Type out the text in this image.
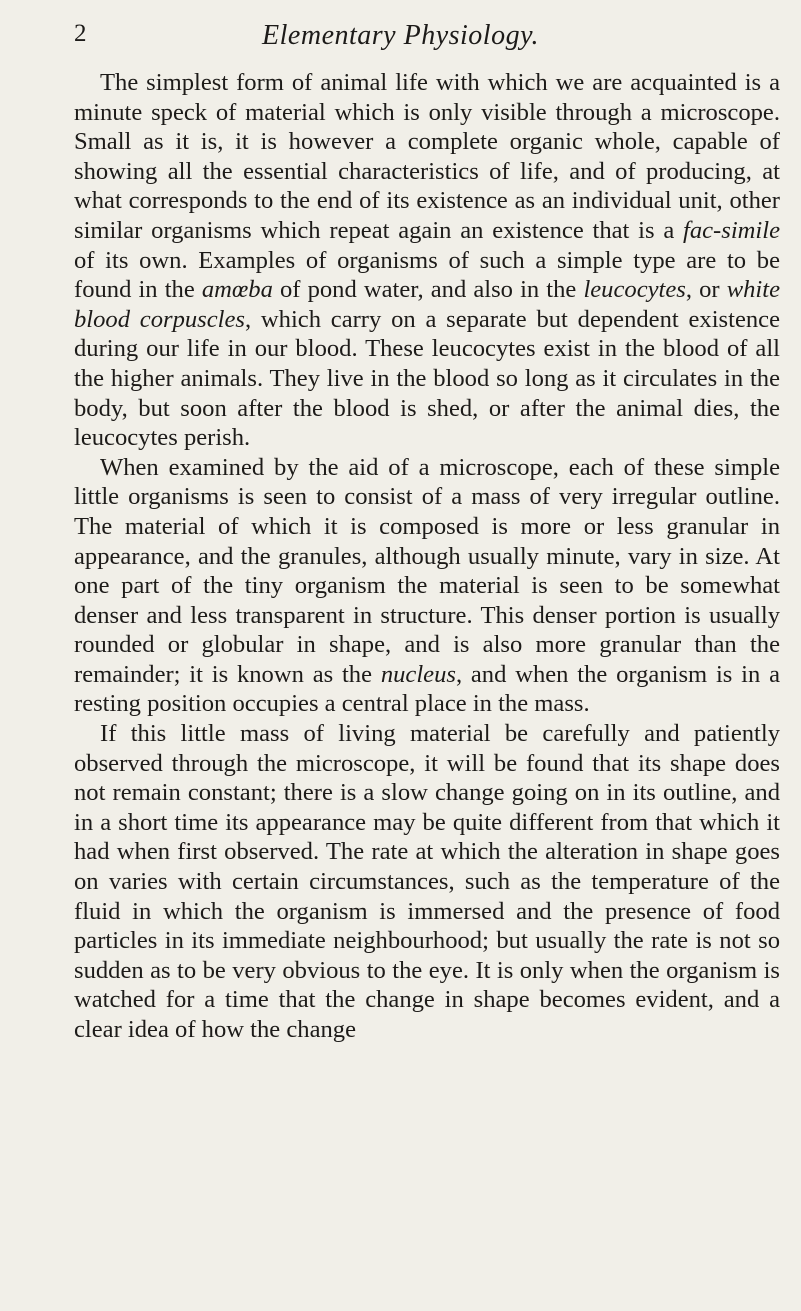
2	Elementary Physiology.

The simplest form of animal life with which we are acquainted is a minute speck of material which is only visible through a microscope. Small as it is, it is however a complete organic whole, capable of showing all the essential characteristics of life, and of producing, at what corresponds to the end of its existence as an individual unit, other similar organisms which repeat again an existence that is a fac-simile of its own. Examples of organisms of such a simple type are to be found in the amœba of pond water, and also in the leucocytes, or white blood corpuscles, which carry on a separate but dependent existence during our life in our blood. These leucocytes exist in the blood of all the higher animals. They live in the blood so long as it circulates in the body, but soon after the blood is shed, or after the animal dies, the leucocytes perish.

When examined by the aid of a microscope, each of these simple little organisms is seen to consist of a mass of very irregular outline. The material of which it is composed is more or less granular in appearance, and the granules, although usually minute, vary in size. At one part of the tiny organism the material is seen to be somewhat denser and less transparent in structure. This denser portion is usually rounded or globular in shape, and is also more granular than the remainder; it is known as the nucleus, and when the organism is in a resting position occupies a central place in the mass.

If this little mass of living material be carefully and patiently observed through the microscope, it will be found that its shape does not remain constant; there is a slow change going on in its outline, and in a short time its appearance may be quite different from that which it had when first observed. The rate at which the alteration in shape goes on varies with certain circumstances, such as the temperature of the fluid in which the organism is immersed and the presence of food particles in its immediate neighbourhood; but usually the rate is not so sudden as to be very obvious to the eye. It is only when the organism is watched for a time that the change in shape becomes evident, and a clear idea of how the change
